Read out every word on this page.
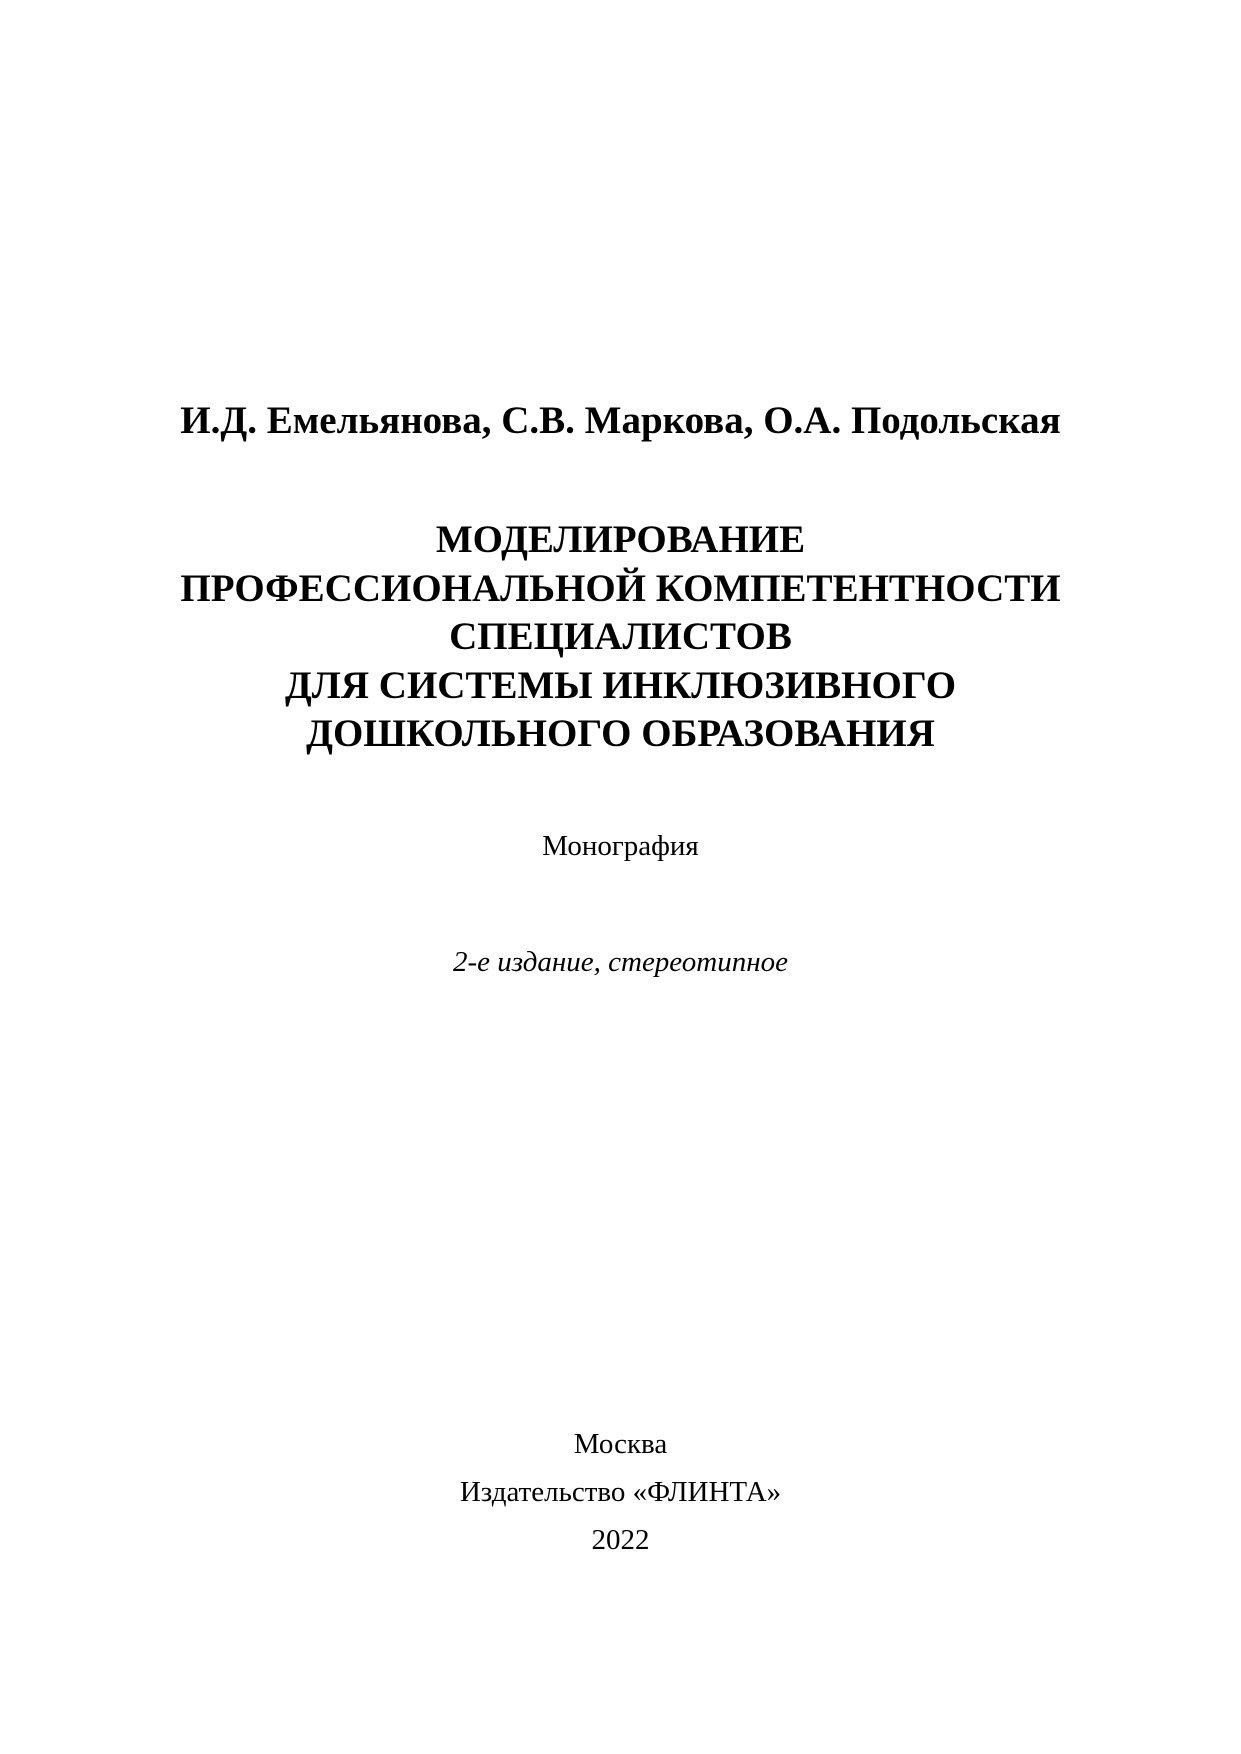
И.Д. Емельянова, С.В. Маркова, О.А. Подольская
МОДЕЛИРОВАНИЕ
ПРОФЕССИОНАЛЬНОЙ КОМПЕТЕНТНОСТИ
СПЕЦИАЛИСТОВ
ДЛЯ СИСТЕМЫ ИНКЛЮЗИВНОГО
ДОШКОЛЬНОГО ОБРАЗОВАНИЯ
Монография
2-е издание, стереотипное
Москва
Издательство «ФЛИНТА»
2022
